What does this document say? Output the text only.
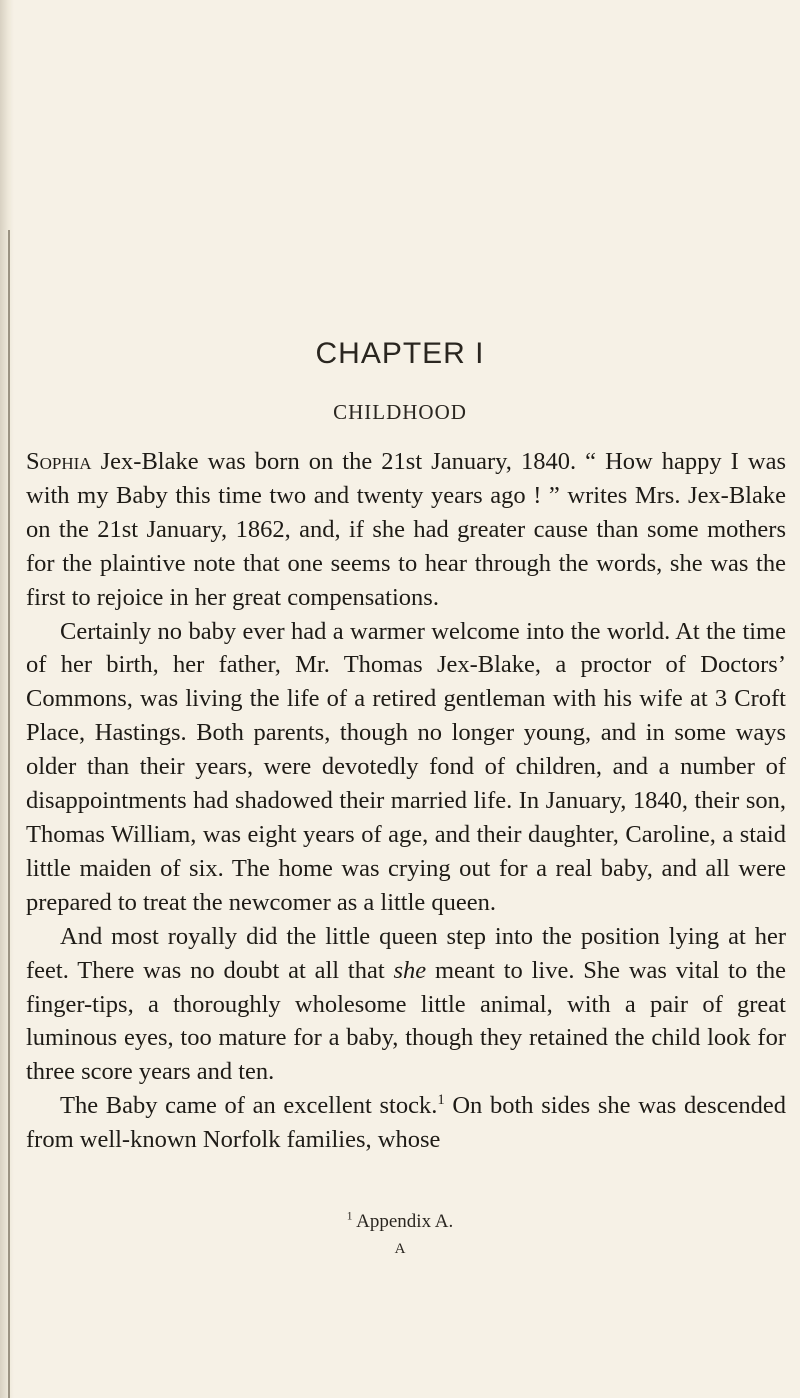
CHAPTER I
CHILDHOOD

Sophia Jex-Blake was born on the 21st January, 1840. “ How happy I was with my Baby this time two and twenty years ago ! ” writes Mrs. Jex-Blake on the 21st January, 1862, and, if she had greater cause than some mothers for the plaintive note that one seems to hear through the words, she was the first to rejoice in her great compensations.

Certainly no baby ever had a warmer welcome into the world. At the time of her birth, her father, Mr. Thomas Jex-Blake, a proctor of Doctors’ Commons, was living the life of a retired gentleman with his wife at 3 Croft Place, Hastings. Both parents, though no longer young, and in some ways older than their years, were devotedly fond of children, and a number of disappointments had shadowed their married life. In January, 1840, their son, Thomas William, was eight years of age, and their daughter, Caroline, a staid little maiden of six. The home was crying out for a real baby, and all were prepared to treat the newcomer as a little queen.

And most royally did the little queen step into the position lying at her feet. There was no doubt at all that she meant to live. She was vital to the finger-tips, a thoroughly wholesome little animal, with a pair of great luminous eyes, too mature for a baby, though they retained the child look for three score years and ten.

The Baby came of an excellent stock.$^1$ On both sides she was descended from well-known Norfolk families, whose

$^1$ Appendix A.
A
